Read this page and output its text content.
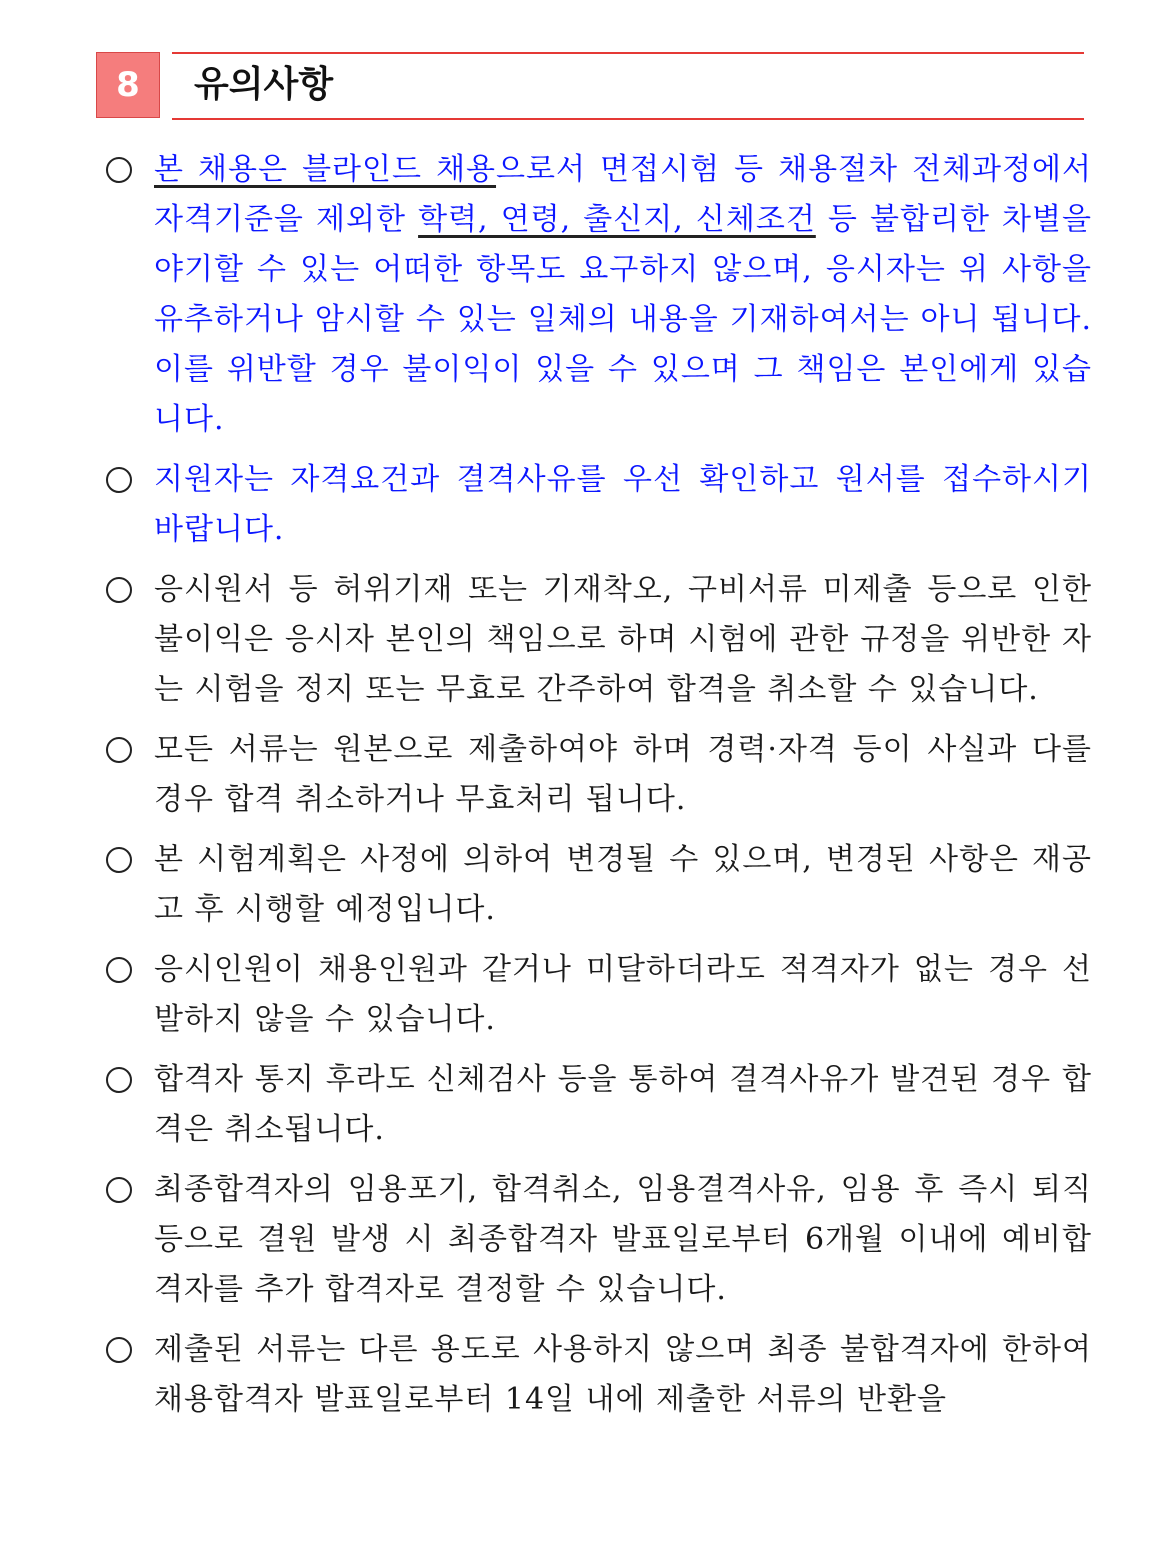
8	유의사항
본 채용은 블라인드 채용으로서 면접시험 등 채용절차 전체과정에서 자격기준을 제외한 학력, 연령, 출신지, 신체조건 등 불합리한 차별을 야기할 수 있는 어떠한 항목도 요구하지 않으며, 응시자는 위 사항을 유추하거나 암시할 수 있는 일체의 내용을 기재하여서는 아니 됩니다. 이를 위반할 경우 불이익이 있을 수 있으며 그 책임은 본인에게 있습니다.
지원자는 자격요건과 결격사유를 우선 확인하고 원서를 접수하시기 바랍니다.
응시원서 등 허위기재 또는 기재착오, 구비서류 미제출 등으로 인한 불이익은 응시자 본인의 책임으로 하며 시험에 관한 규정을 위반한 자는 시험을 정지 또는 무효로 간주하여 합격을 취소할 수 있습니다.
모든 서류는 원본으로 제출하여야 하며 경력·자격 등이 사실과 다를 경우 합격 취소하거나 무효처리 됩니다.
본 시험계획은 사정에 의하여 변경될 수 있으며, 변경된 사항은 재공고 후 시행할 예정입니다.
응시인원이 채용인원과 같거나 미달하더라도 적격자가 없는 경우 선발하지 않을 수 있습니다.
합격자 통지 후라도 신체검사 등을 통하여 결격사유가 발견된 경우 합격은 취소됩니다.
최종합격자의 임용포기, 합격취소, 임용결격사유, 임용 후 즉시 퇴직 등으로 결원 발생 시 최종합격자 발표일로부터 6개월 이내에 예비합격자를 추가 합격자로 결정할 수 있습니다.
제출된 서류는 다른 용도로 사용하지 않으며 최종 불합격자에 한하여 채용합격자 발표일로부터 14일 내에 제출한 서류의 반환을
